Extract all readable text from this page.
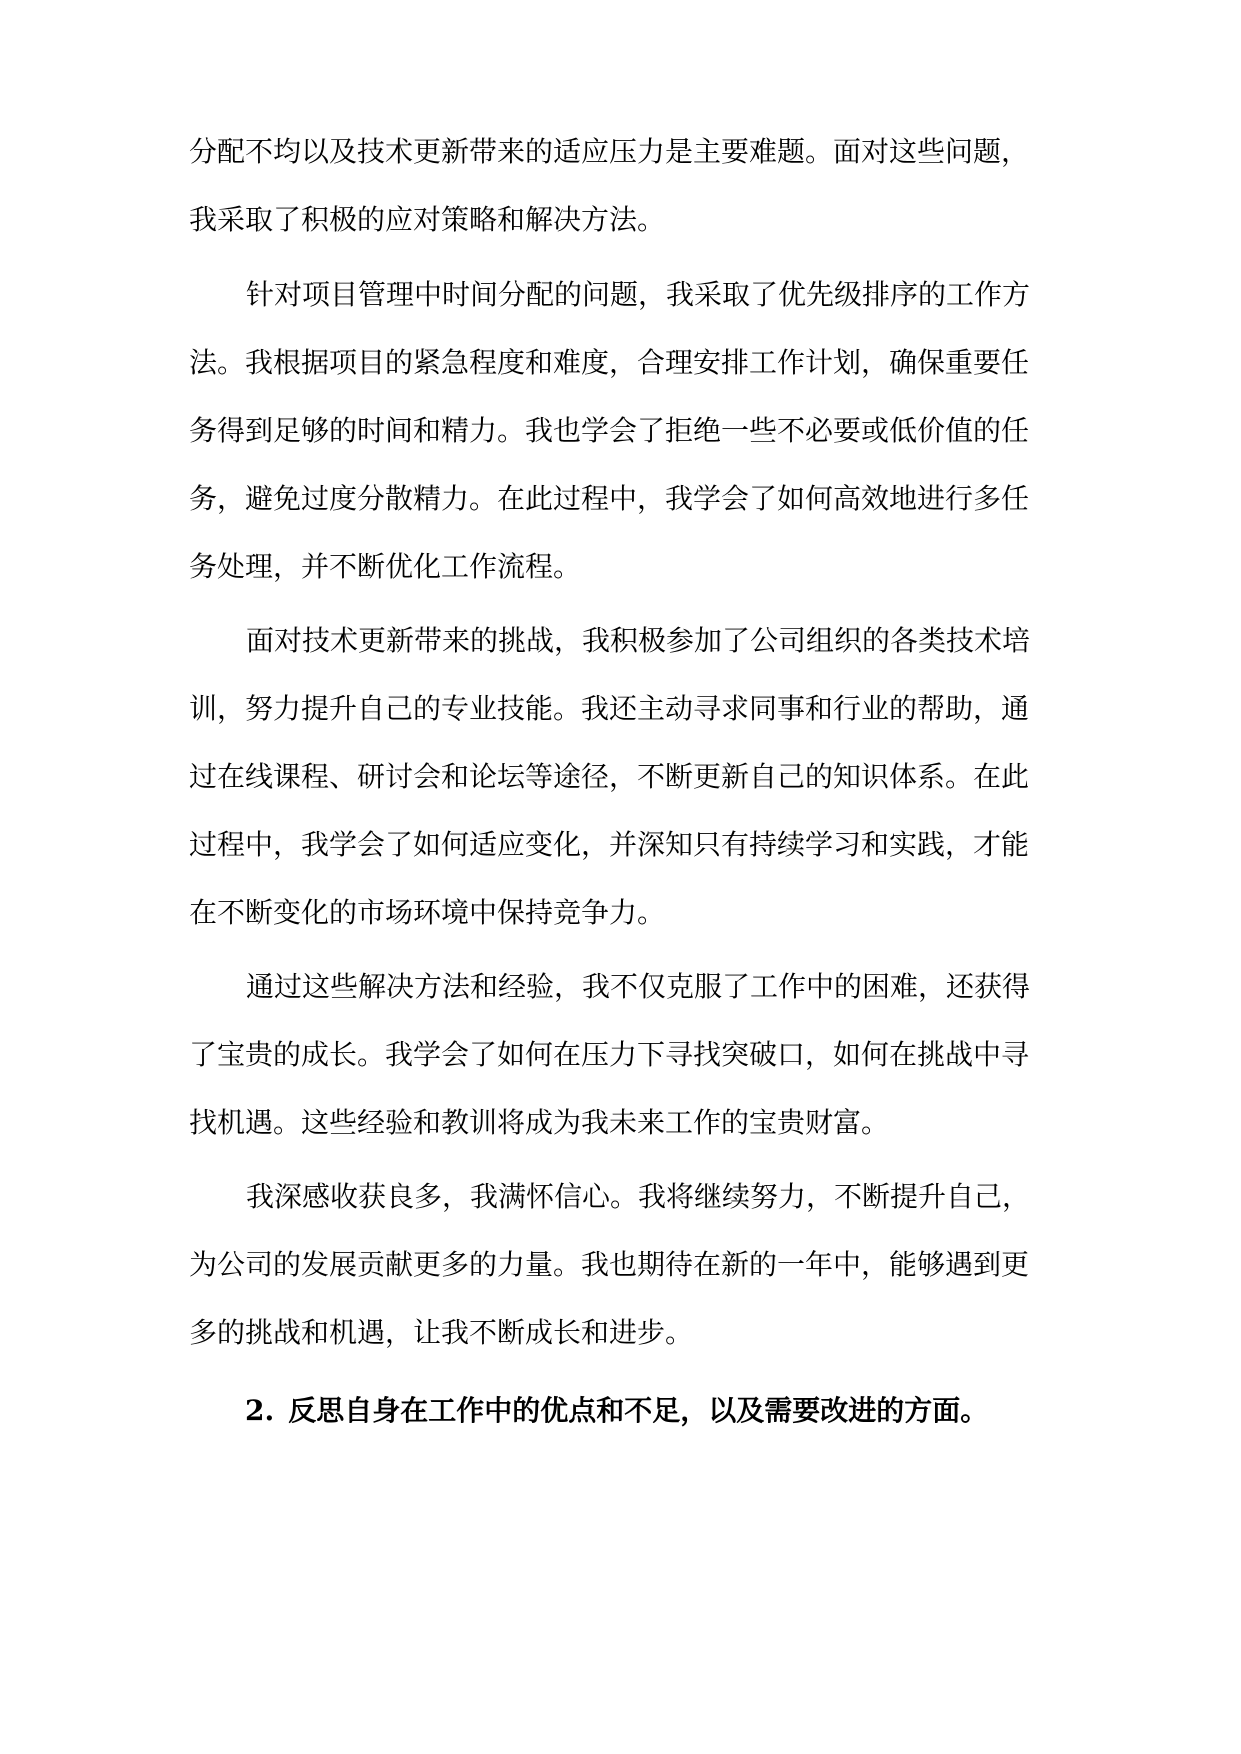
分配不均以及技术更新带来的适应压力是主要难题。面对这些问题，
我采取了积极的应对策略和解决方法。
针对项目管理中时间分配的问题，我采取了优先级排序的工作方
法。我根据项目的紧急程度和难度，合理安排工作计划，确保重要任
务得到足够的时间和精力。我也学会了拒绝一些不必要或低价值的任
务，避免过度分散精力。在此过程中，我学会了如何高效地进行多任
务处理，并不断优化工作流程。
面对技术更新带来的挑战，我积极参加了公司组织的各类技术培
训，努力提升自己的专业技能。我还主动寻求同事和行业的帮助，通
过在线课程、研讨会和论坛等途径，不断更新自己的知识体系。在此
过程中，我学会了如何适应变化，并深知只有持续学习和实践，才能
在不断变化的市场环境中保持竞争力。
通过这些解决方法和经验，我不仅克服了工作中的困难，还获得
了宝贵的成长。我学会了如何在压力下寻找突破口，如何在挑战中寻
找机遇。这些经验和教训将成为我未来工作的宝贵财富。
我深感收获良多，我满怀信心。我将继续努力，不断提升自己，
为公司的发展贡献更多的力量。我也期待在新的一年中，能够遇到更
多的挑战和机遇，让我不断成长和进步。
2. 反思自身在工作中的优点和不足，以及需要改进的方面。
